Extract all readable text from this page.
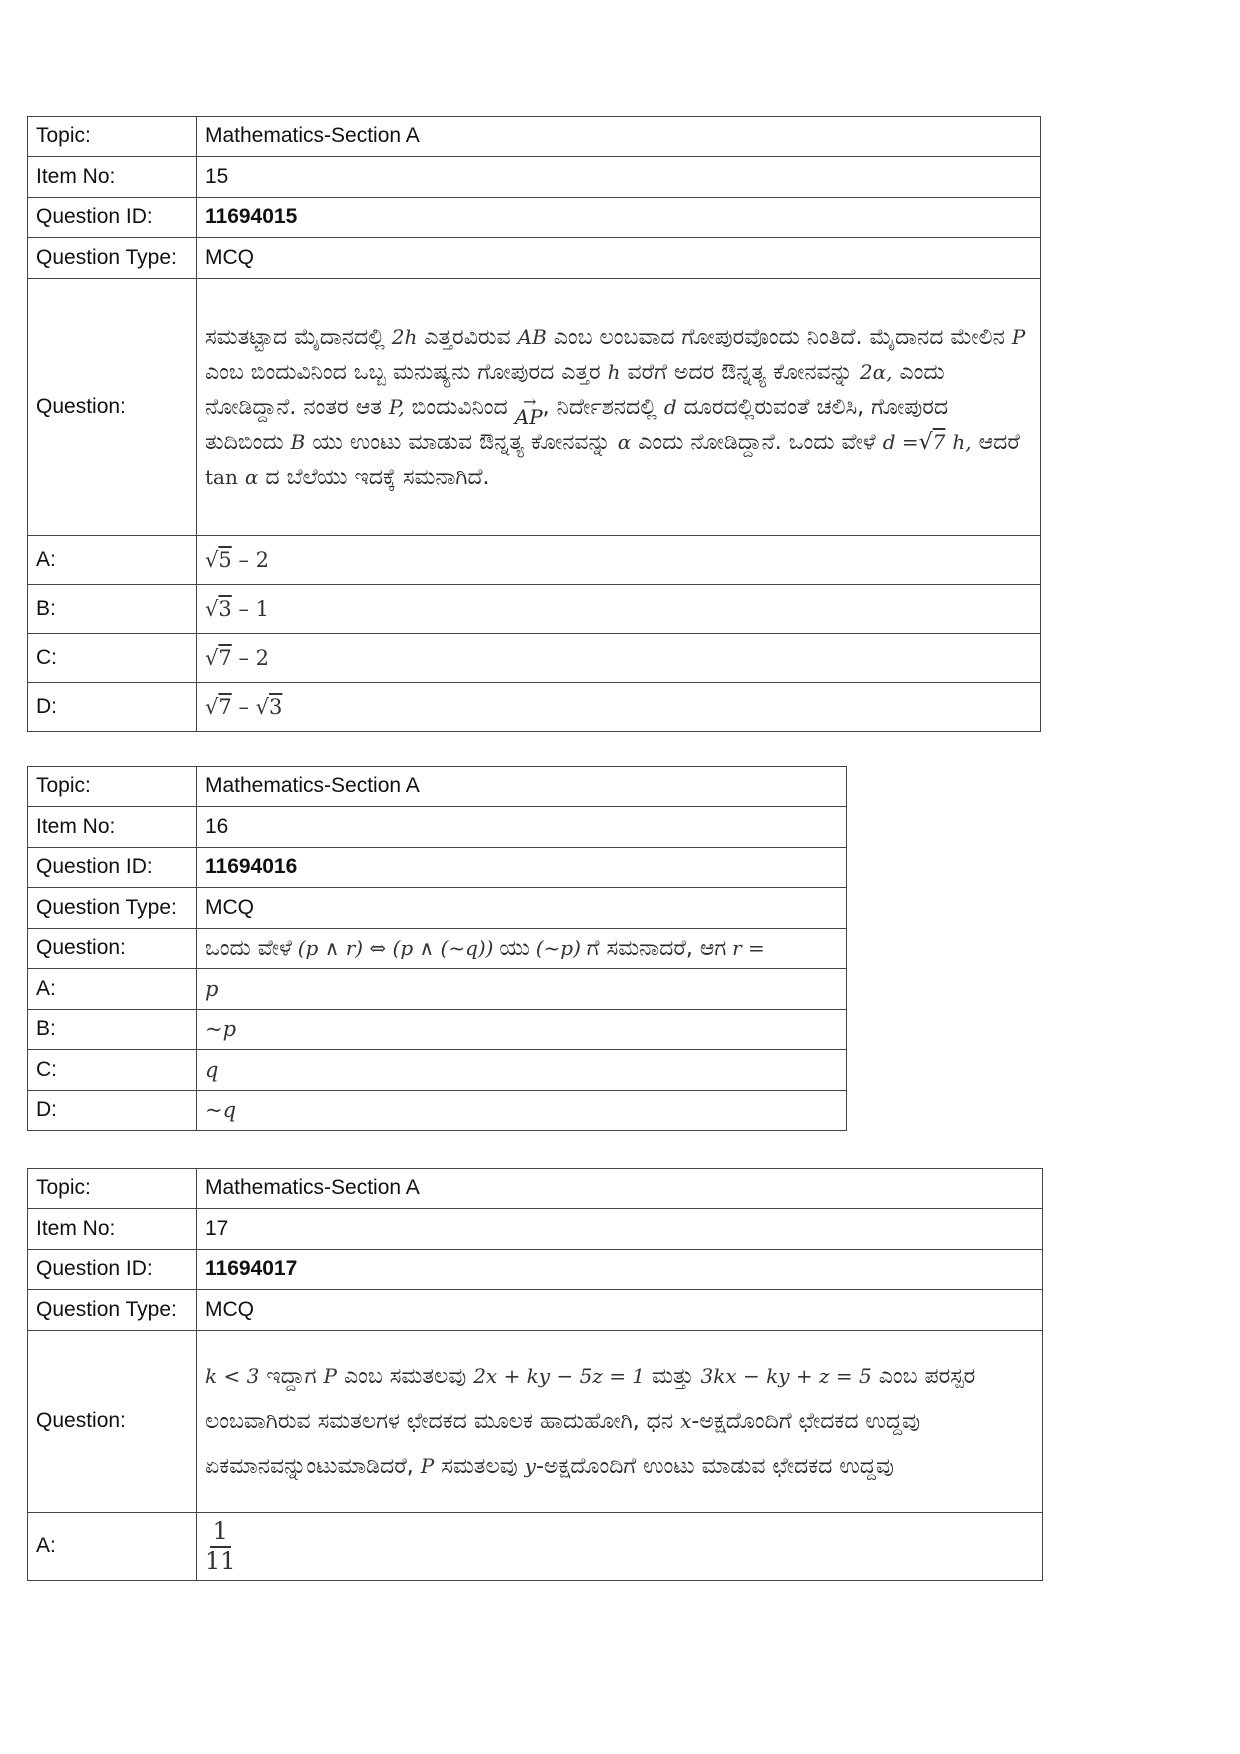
Topic:	Mathematics-Section A
Item No:	15
Question ID:	11694015
Question Type:	MCQ
Question:	ಸಮತಟ್ಟಾದ ಮೈದಾನದಲ್ಲಿ 2h ಎತ್ತರವಿರುವ AB ಎಂಬ ಲಂಬವಾದ ಗೋಪುರವೊಂದು ನಿಂತಿದೆ. ಮೈದಾನದ ಮೇಲಿನ P ಎಂಬ ಬಿಂದುವಿನಿಂದ ಒಬ್ಬ ಮನುಷ್ಯನು ಗೋಪುರದ ಎತ್ತರ h ವರೆಗೆ ಅದರ ಔನ್ನತ್ಯ ಕೋನವನ್ನು 2α, ಎಂದು ನೋಡಿದ್ದಾನೆ. ನಂತರ ಆತ P, ಬಿಂದುವಿನಿಂದ → AP, ನಿರ್ದೇಶನದಲ್ಲಿ d ದೂರದಲ್ಲಿರುವಂತೆ ಚಲಿಸಿ, ಗೋಪುರದ ತುದಿಬಿಂದು B ಯು ಉಂಟು ಮಾಡುವ ಔನ್ನತ್ಯ ಕೋನವನ್ನು α ಎಂದು ನೋಡಿದ್ದಾನೆ. ಒಂದು ವೇಳೆ d =√7 h, ಆದರೆ tan α ದ ಬೆಲೆಯು ಇದಕ್ಕೆ ಸಮನಾಗಿದೆ.

A:	√5 – 2
B:	√3 – 1
C:	√7 – 2
D:	√7 – √3
Topic:	Mathematics-Section A
Item No:	16
Question ID:	11694016
Question Type:	MCQ
Question:	ಒಂದು ವೇಳೆ (p ∧ r) ⇔ (p ∧ (~q)) ಯು (~p) ಗೆ ಸಮನಾದರೆ, ಆಗ r =
A:	p
B:	~p
C:	q
D:	~q
Topic:	Mathematics-Section A
Item No:	17
Question ID:	11694017
Question Type:	MCQ
Question:	k < 3 ಇದ್ದಾಗ P ಎಂಬ ಸಮತಲವು 2x + ky − 5z = 1 ಮತ್ತು 3kx − ky + z = 5 ಎಂಬ ಪರಸ್ಪರ ಲಂಬವಾಗಿರುವ ಸಮತಲಗಳ ಛೇದಕದ ಮೂಲಕ ಹಾದುಹೋಗಿ, ಧನ x-ಅಕ್ಷದೊಂದಿಗೆ ಛೇದಕದ ಉದ್ದವು ಏಕಮಾನವನ್ನುಂಟುಮಾಡಿದರೆ, P ಸಮತಲವು y-ಅಕ್ಷದೊಂದಿಗೆ ಉಂಟು ಮಾಡುವ ಛೇದಕದ ಉದ್ದವು

A:	$\frac{1}{11}$
